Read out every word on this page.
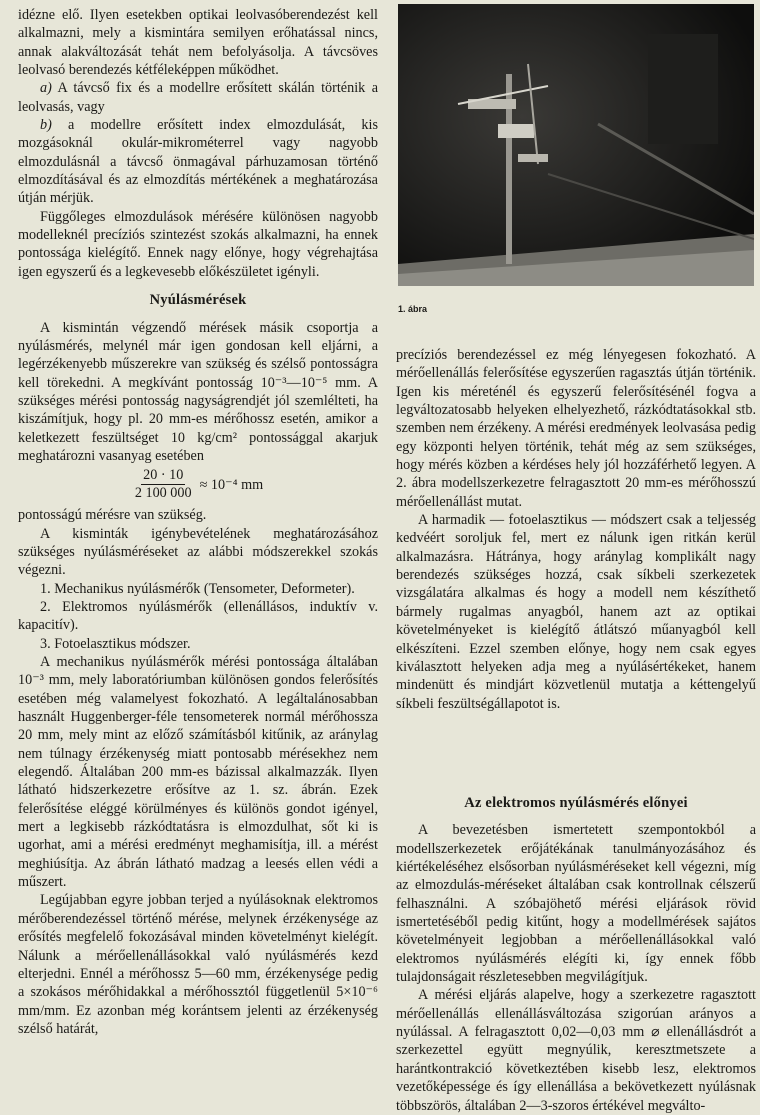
idézne elő. Ilyen esetekben optikai leolvasóberendezést kell alkalmazni, mely a kismintára semilyen erőhatással nincs, annak alakváltozását tehát nem befolyásolja. A távcsöves leolvasó berendezés kétféleképpen működhet.

a) A távcső fix és a modellre erősített skálán történik a leolvasás, vagy

b) a modellre erősített index elmozdulását, kis mozgásoknál okulár-mikrométerrel vagy nagyobb elmozdulásnál a távcső önmagával párhuzamosan történő elmozdításával és az elmozdítás mértékének a meghatározása útján mérjük.

Függőleges elmozdulások mérésére különösen nagyobb modelleknél precíziós szintezést szokás alkalmazni, ha ennek pontossága kielégítő. Ennek nagy előnye, hogy végrehajtása igen egyszerű és a legkevesebb előkészületet igényli.

Nyúlásmérések

A kismintán végzendő mérések másik csoportja a nyúlásmérés, melynél már igen gondosan kell eljárni, a legérzékenyebb műszerekre van szükség és szélső pontosságra kell törekedni. A megkívánt pontosság 10⁻³—10⁻⁵ mm. A szükséges mérési pontosság nagyságrendjét jól szemlélteti, ha kiszámítjuk, hogy pl. 20 mm-es mérőhossz esetén, amikor a keletkezett feszültséget 10 kg/cm² pontossággal akarjuk meghatározni vasanyag esetében

$\frac{20 \cdot 10}{2 100 000} \approx 10^{-4}$ mm

pontosságú mérésre van szükség.

A kisminták igénybevételének meghatározásához szükséges nyúlásméréseket az alábbi módszerekkel szokás végezni.

1. Mechanikus nyúlásmérők (Tensometer, Deformeter).

2. Elektromos nyúlásmérők (ellenállásos, induktív v. kapacitív).

3. Fotoelasztikus módszer.

A mechanikus nyúlásmérők mérési pontossága általában 10⁻³ mm, mely laboratóriumban különösen gondos felerősítés esetében még valamelyest fokozható. A legáltalánosabban használt Huggenberger-féle tensometerek normál mérőhossza 20 mm, mely mint az előző számításból kitűnik, az aránylag nem túlnagy érzékenység miatt pontosabb mérésekhez nem elegendő. Általában 200 mm-es bázissal alkalmazzák. Ilyen látható hidszerkezetre erősítve az 1. sz. ábrán. Ezek felerősítése eléggé körülményes és különös gondot igényel, mert a legkisebb rázkódtatásra is elmozdulhat, sőt ki is ugorhat, ami a mérési eredményt meghamisítja, ill. a mérést meghiúsítja. Az ábrán látható madzag a leesés ellen védi a műszert.

Legújabban egyre jobban terjed a nyúlásoknak elektromos mérőberendezéssel történő mérése, melynek érzékenysége az erősítés megfelelő fokozásával minden követelményt kielégít. Nálunk a mérőellenállásokkal való nyúlásmérés kezd elterjedni. Ennél a mérőhossz 5—60 mm, érzékenysége pedig a szokásos mérőhidakkal a mérőhossztól függetlenül 5×10⁻⁶ mm/mm. Ez azonban még korántsem jelenti az érzékenység szélső határát,

1. ábra

precíziós berendezéssel ez még lényegesen fokozható. A mérőellenállás felerősítése egyszerűen ragasztás útján történik. Igen kis méreténél és egyszerű felerősítésénél fogva a legváltozatosabb helyeken elhelyezhető, rázkódtatásokkal stb. szemben nem érzékeny. A mérési eredmények leolvasása pedig egy központi helyen történik, tehát még az sem szükséges, hogy mérés közben a kérdéses hely jól hozzáférhető legyen. A 2. ábra modellszerkezetre felragasztott 20 mm-es mérőhosszú mérőellenállást mutat.

A harmadik — fotoelasztikus — módszert csak a teljesség kedvéért soroljuk fel, mert ez nálunk igen ritkán kerül alkalmazásra. Hátránya, hogy aránylag komplikált nagy berendezés szükséges hozzá, csak síkbeli szerkezetek vizsgálatára alkalmas és hogy a modell nem készíthető bármely rugalmas anyagból, hanem azt az optikai követelményeket is kielégítő átlátszó műanyagból kell elkészíteni. Ezzel szemben előnye, hogy nem csak egyes kiválasztott helyeken adja meg a nyúlásértékeket, hanem mindenütt és mindjárt közvetlenül mutatja a kéttengelyű síkbeli feszültségállapotot is.

Az elektromos nyúlásmérés előnyei

A bevezetésben ismertetett szempontokból a modellszerkezetek erőjátékának tanulmányozásához és kiértékeléséhez elsősorban nyúlásméréseket kell végezni, míg az elmozdulás-méréseket általában csak kontrollnak célszerű felhasználni. A szóbajöhető mérési eljárások rövid ismertetéséből pedig kitűnt, hogy a modellmérések sajátos követelményeit legjobban a mérőellenállásokkal való elektromos nyúlásmérés elégíti ki, így ennek főbb tulajdonságait részletesebben megvilágítjuk.

A mérési eljárás alapelve, hogy a szerkezetre ragasztott mérőellenállás ellenállásváltozása szigorúan arányos a nyúlással. A felragasztott 0,02—0,03 mm ⌀ ellenállásdrót a szerkezettel együtt megnyúlik, keresztmetszete a harántkontrakció következtében kisebb lesz, elektromos vezetőképessége és így ellenállása a bekövetkezett nyúlásnak többszörös, általában 2—3-szoros értékével megválto-
